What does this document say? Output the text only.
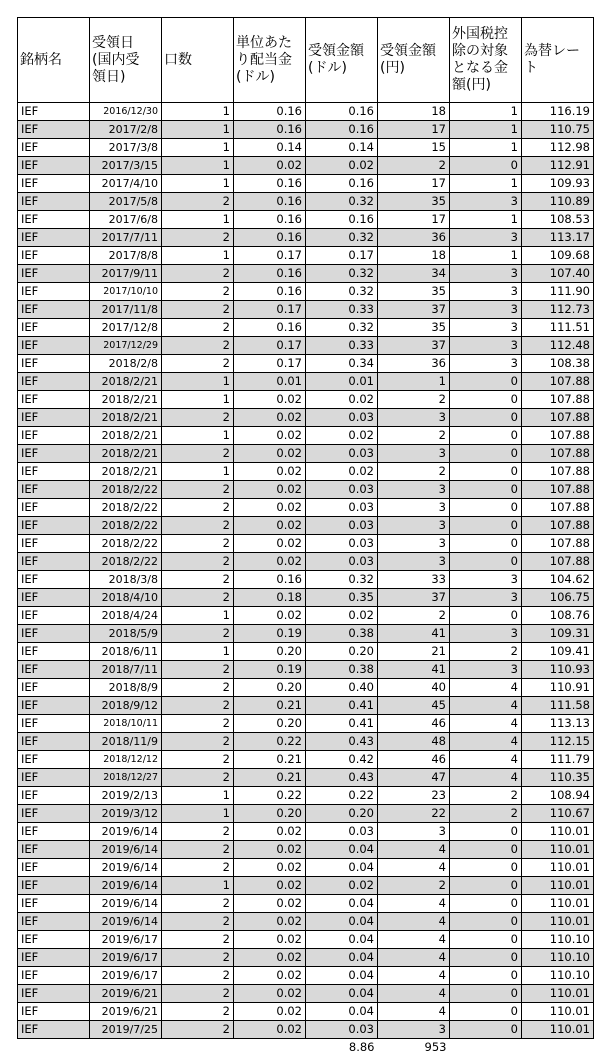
銘柄名	受領日
(国内受
領日)	口数	単位あた
り配当金
(ドル)	受領金額
(ドル)	受領金額
(円)	外国税控
除の対象
となる金
額(円)	為替レート
IEF	2016/12/30	1	0.16	0.16	18	1	116.19
IEF	2017/2/8	1	0.16	0.16	17	1	110.75
IEF	2017/3/8	1	0.14	0.14	15	1	112.98
IEF	2017/3/15	1	0.02	0.02	2	0	112.91
IEF	2017/4/10	1	0.16	0.16	17	1	109.93
IEF	2017/5/8	2	0.16	0.32	35	3	110.89
IEF	2017/6/8	1	0.16	0.16	17	1	108.53
IEF	2017/7/11	2	0.16	0.32	36	3	113.17
IEF	2017/8/8	1	0.17	0.17	18	1	109.68
IEF	2017/9/11	2	0.16	0.32	34	3	107.40
IEF	2017/10/10	2	0.16	0.32	35	3	111.90
IEF	2017/11/8	2	0.17	0.33	37	3	112.73
IEF	2017/12/8	2	0.16	0.32	35	3	111.51
IEF	2017/12/29	2	0.17	0.33	37	3	112.48
IEF	2018/2/8	2	0.17	0.34	36	3	108.38
IEF	2018/2/21	1	0.01	0.01	1	0	107.88
IEF	2018/2/21	1	0.02	0.02	2	0	107.88
IEF	2018/2/21	2	0.02	0.03	3	0	107.88
IEF	2018/2/21	1	0.02	0.02	2	0	107.88
IEF	2018/2/21	2	0.02	0.03	3	0	107.88
IEF	2018/2/21	1	0.02	0.02	2	0	107.88
IEF	2018/2/22	2	0.02	0.03	3	0	107.88
IEF	2018/2/22	2	0.02	0.03	3	0	107.88
IEF	2018/2/22	2	0.02	0.03	3	0	107.88
IEF	2018/2/22	2	0.02	0.03	3	0	107.88
IEF	2018/2/22	2	0.02	0.03	3	0	107.88
IEF	2018/3/8	2	0.16	0.32	33	3	104.62
IEF	2018/4/10	2	0.18	0.35	37	3	106.75
IEF	2018/4/24	1	0.02	0.02	2	0	108.76
IEF	2018/5/9	2	0.19	0.38	41	3	109.31
IEF	2018/6/11	1	0.20	0.20	21	2	109.41
IEF	2018/7/11	2	0.19	0.38	41	3	110.93
IEF	2018/8/9	2	0.20	0.40	40	4	110.91
IEF	2018/9/12	2	0.21	0.41	45	4	111.58
IEF	2018/10/11	2	0.20	0.41	46	4	113.13
IEF	2018/11/9	2	0.22	0.43	48	4	112.15
IEF	2018/12/12	2	0.21	0.42	46	4	111.79
IEF	2018/12/27	2	0.21	0.43	47	4	110.35
IEF	2019/2/13	1	0.22	0.22	23	2	108.94
IEF	2019/3/12	1	0.20	0.20	22	2	110.67
IEF	2019/6/14	2	0.02	0.03	3	0	110.01
IEF	2019/6/14	2	0.02	0.04	4	0	110.01
IEF	2019/6/14	2	0.02	0.04	4	0	110.01
IEF	2019/6/14	1	0.02	0.02	2	0	110.01
IEF	2019/6/14	2	0.02	0.04	4	0	110.01
IEF	2019/6/14	2	0.02	0.04	4	0	110.01
IEF	2019/6/17	2	0.02	0.04	4	0	110.10
IEF	2019/6/17	2	0.02	0.04	4	0	110.10
IEF	2019/6/17	2	0.02	0.04	4	0	110.10
IEF	2019/6/21	2	0.02	0.04	4	0	110.01
IEF	2019/6/21	2	0.02	0.04	4	0	110.01
IEF	2019/7/25	2	0.02	0.03	3	0	110.01
				8.86	953		
